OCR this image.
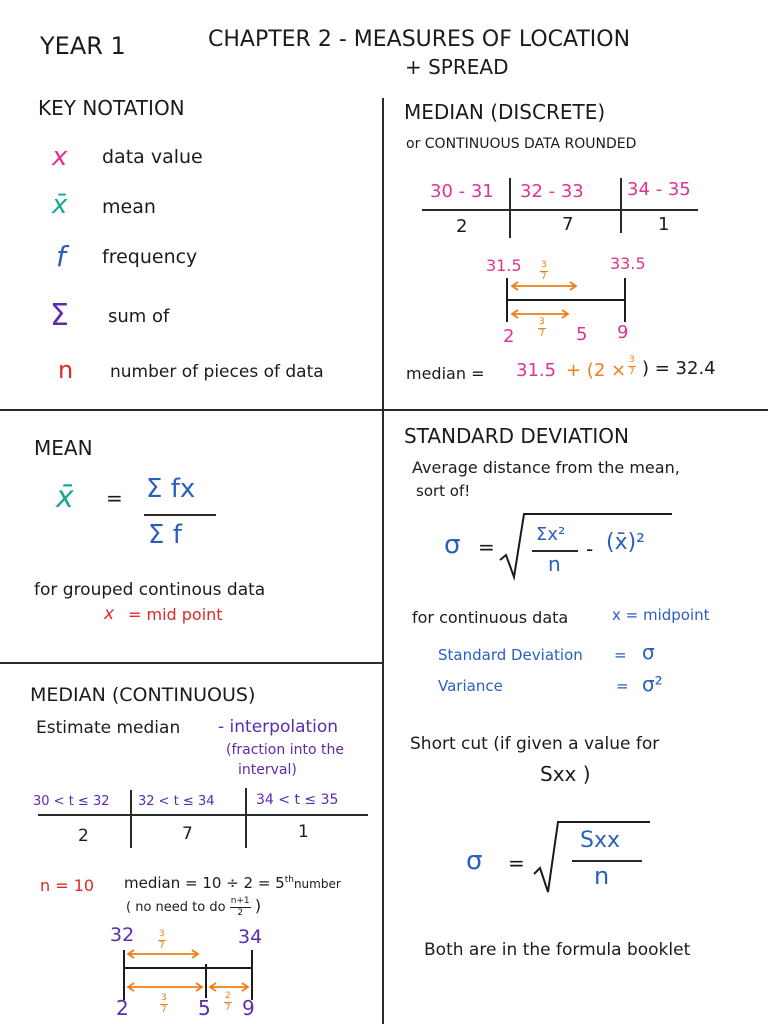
YEAR 1	CHAPTER 2 - MEASURES OF LOCATION
+ SPREAD
KEY NOTATION
x data value
x̄ mean
f frequency
Σ sum of
n number of pieces of data
MEDIAN (DISCRETE)
or CONTINUOUS DATA ROUNDED
30 - 31 32 - 33 34 - 35
2	7	1
31.5	33.5
$\frac{3}{7}$
2	$\frac{3}{7} 5$ 9
median = $31.5 + (2 \times \frac{3}{7}$ ) = 32.4
MEAN
x̄ = Σ fx
Σ f
for grouped continous data
x = mid point
STANDARD DEVIATION
Average distance from the mean,
sort of!
σ =
Σx²
n
- (x̄)²
for continuous data	x = midpoint
Standard Deviation = σ
Variance	= σ²
Short cut (if given a value for
Sxx )
σ =
Sxx
n
Both are in the formula booklet
MEDIAN (CONTINUOUS)
Estimate median - interpolation
(fraction into the
interval)
30 < t ≤ 32 32 < t ≤ 34	34 < t ≤ 35
2	7	1
n = 10 median = 10 ÷ 2 = 5thnumber
( no need to do $\frac{n+1}{2}$ )
32	$\frac{3}{7}$	34
2	$\frac{3}{7} 5 \frac{2}{7} 9$
